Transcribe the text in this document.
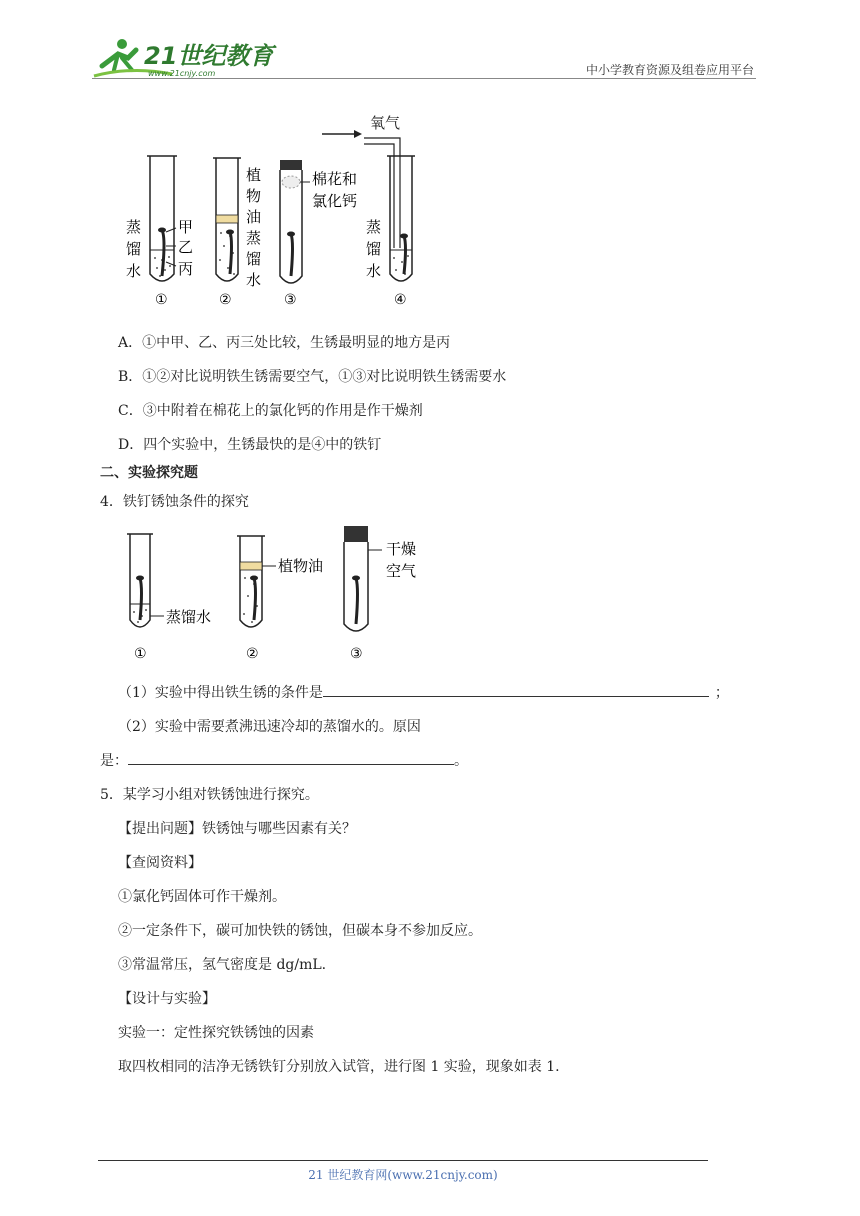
21世纪教育
www.21cnjy.com	中小学教育资源及组卷应用平台
氧气
蒸
馏
水
甲
乙
丙
植
物
油
蒸
馏
水
棉花和
氯化钙
蒸
馏
水
①	②	③	④
A．①中甲、乙、丙三处比较，生锈最明显的地方是丙
B．①②对比说明铁生锈需要空气，①③对比说明铁生锈需要水
C．③中附着在棉花上的氯化钙的作用是作干燥剂
D．四个实验中，生锈最快的是④中的铁钉
二、实验探究题
4．铁钉锈蚀条件的探究
蒸馏水
植物油
干燥
空气
①	②	③
（1）实验中得出铁生锈的条件是	；
（2）实验中需要煮沸迅速冷却的蒸馏水的。原因
是：	。
5．某学习小组对铁锈蚀进行探究。
【提出问题】铁锈蚀与哪些因素有关？
【查阅资料】
①氯化钙固体可作干燥剂。
②一定条件下，碳可加快铁的锈蚀，但碳本身不参加反应。
③常温常压，氢气密度是 dg/mL.
【设计与实验】
实验一：定性探究铁锈蚀的因素
取四枚相同的洁净无锈铁钉分别放入试管，进行图 1 实验，现象如表 1.
21 世纪教育网(www.21cnjy.com)
